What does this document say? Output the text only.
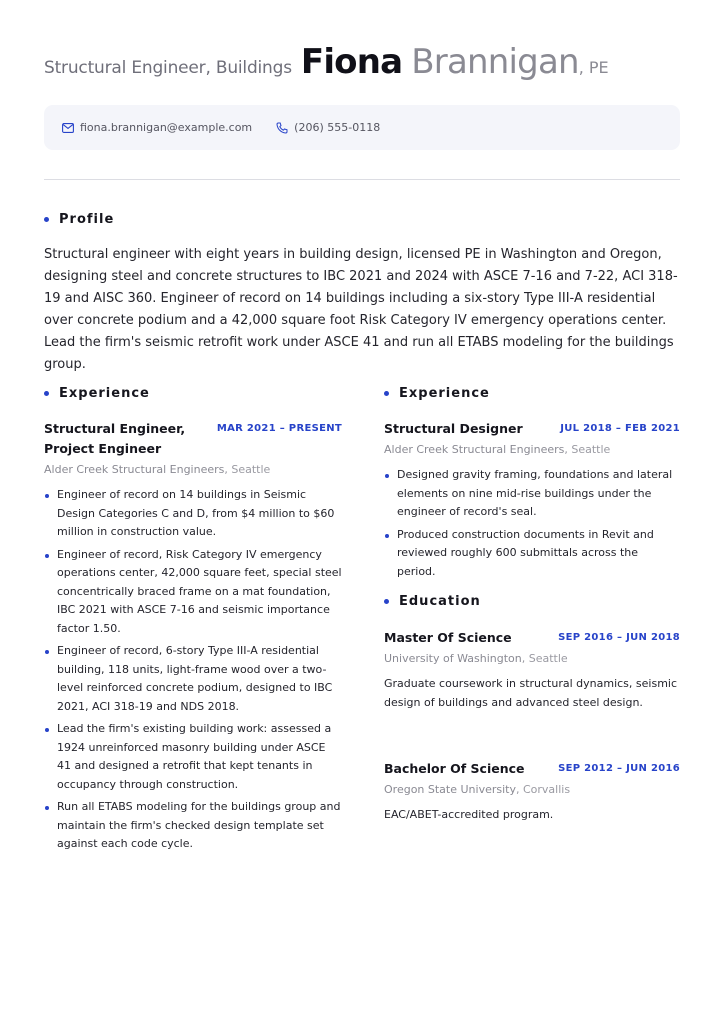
Structural Engineer, Buildings Fiona Brannigan , PE
fiona.brannigan@example.com	(206) 555-0118
Profile
Structural engineer with eight years in building design, licensed PE in Washington and Oregon, designing steel and concrete structures to IBC 2021 and 2024 with ASCE 7-16 and 7-22, ACI 318-19 and AISC 360. Engineer of record on 14 buildings including a six-story Type III-A residential over concrete podium and a 42,000 square foot Risk Category IV emergency operations center. Lead the firm's seismic retrofit work under ASCE 41 and run all ETABS modeling for the buildings group.
Experience
Structural Engineer, Project Engineer
MAR 2021 – PRESENT
Alder Creek Structural Engineers, Seattle
Engineer of record on 14 buildings in Seismic Design Categories C and D, from $4 million to $60 million in construction value.
Engineer of record, Risk Category IV emergency operations center, 42,000 square feet, special steel concentrically braced frame on a mat foundation, IBC 2021 with ASCE 7-16 and seismic importance factor 1.50.
Engineer of record, 6-story Type III-A residential building, 118 units, light-frame wood over a two-level reinforced concrete podium, designed to IBC 2021, ACI 318-19 and NDS 2018.
Lead the firm's existing building work: assessed a 1924 unreinforced masonry building under ASCE 41 and designed a retrofit that kept tenants in occupancy through construction.
Run all ETABS modeling for the buildings group and maintain the firm's checked design template set against each code cycle.
Experience
Structural Designer	JUL 2018 – FEB 2021
Alder Creek Structural Engineers, Seattle
Designed gravity framing, foundations and lateral elements on nine mid-rise buildings under the engineer of record's seal.
Produced construction documents in Revit and reviewed roughly 600 submittals across the period.
Education
Master Of Science	SEP 2016 – JUN 2018
University of Washington, Seattle
Graduate coursework in structural dynamics, seismic design of buildings and advanced steel design.
Bachelor Of Science	SEP 2012 – JUN 2016
Oregon State University, Corvallis
EAC/ABET-accredited program.
